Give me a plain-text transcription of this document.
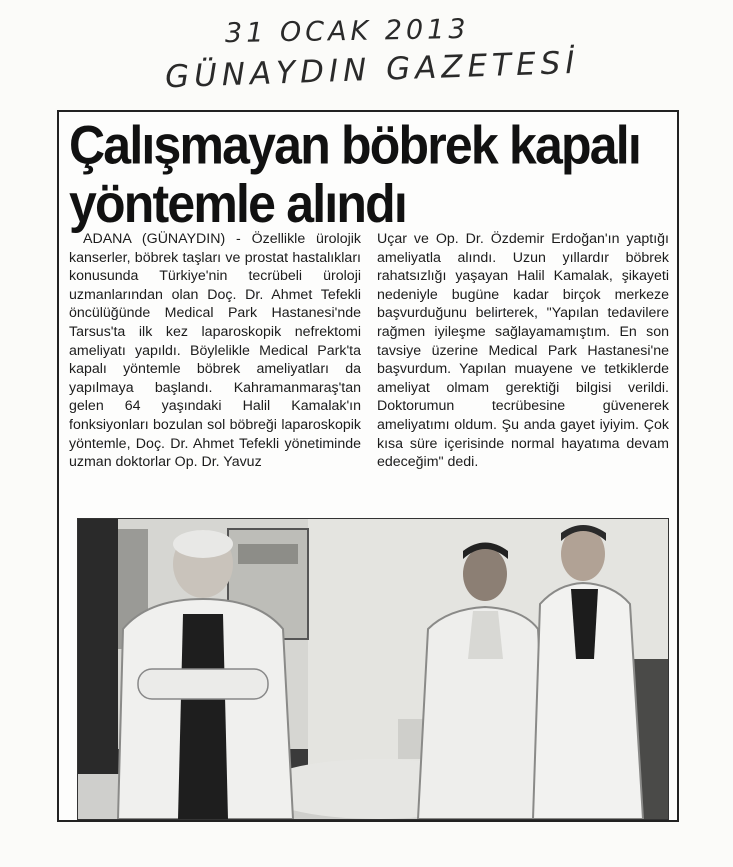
31 OCAK 2013
GÜNAYDIN GAZETESİ
Çalışmayan böbrek kapalı yöntemle alındı
ADANA (GÜNAYDIN) - Özellikle ürolojik kanserler, böbrek taşları ve prostat hastalıkları konusunda Türkiye'nin tecrübeli üroloji uzmanlarından olan Doç. Dr. Ahmet Tefekli öncülüğünde Medical Park Hastanesi'nde Tarsus'ta ilk kez laparoskopik nefrektomi ameliyatı yapıldı. Böylelikle Medical Park'ta kapalı yöntemle böbrek ameliyatları da yapılmaya başlandı. Kahramanmaraş'tan gelen 64 yaşındaki Halil Kamalak'ın fonksiyonları bozulan sol böbreği laparoskopik yöntemle, Doç. Dr. Ahmet Tefekli yönetiminde uzman doktorlar Op. Dr. Yavuz
Uçar ve Op. Dr. Özdemir Erdoğan'ın yaptığı ameliyatla alındı. Uzun yıllardır böbrek rahatsızlığı yaşayan Halil Kamalak, şikayeti nedeniyle bugüne kadar birçok merkeze başvurduğunu belirterek, "Yapılan tedavilere rağmen iyileşme sağlayamamıştım. En son tavsiye üzerine Medical Park Hastanesi'ne başvurdum. Yapılan muayene ve tetkiklerde ameliyat olmam gerektiği bilgisi verildi. Doktorumun tecrübesine güvenerek ameliyatımı oldum. Şu anda gayet iyiyim. Çok kısa süre içerisinde normal hayatıma devam edeceğim" dedi.
